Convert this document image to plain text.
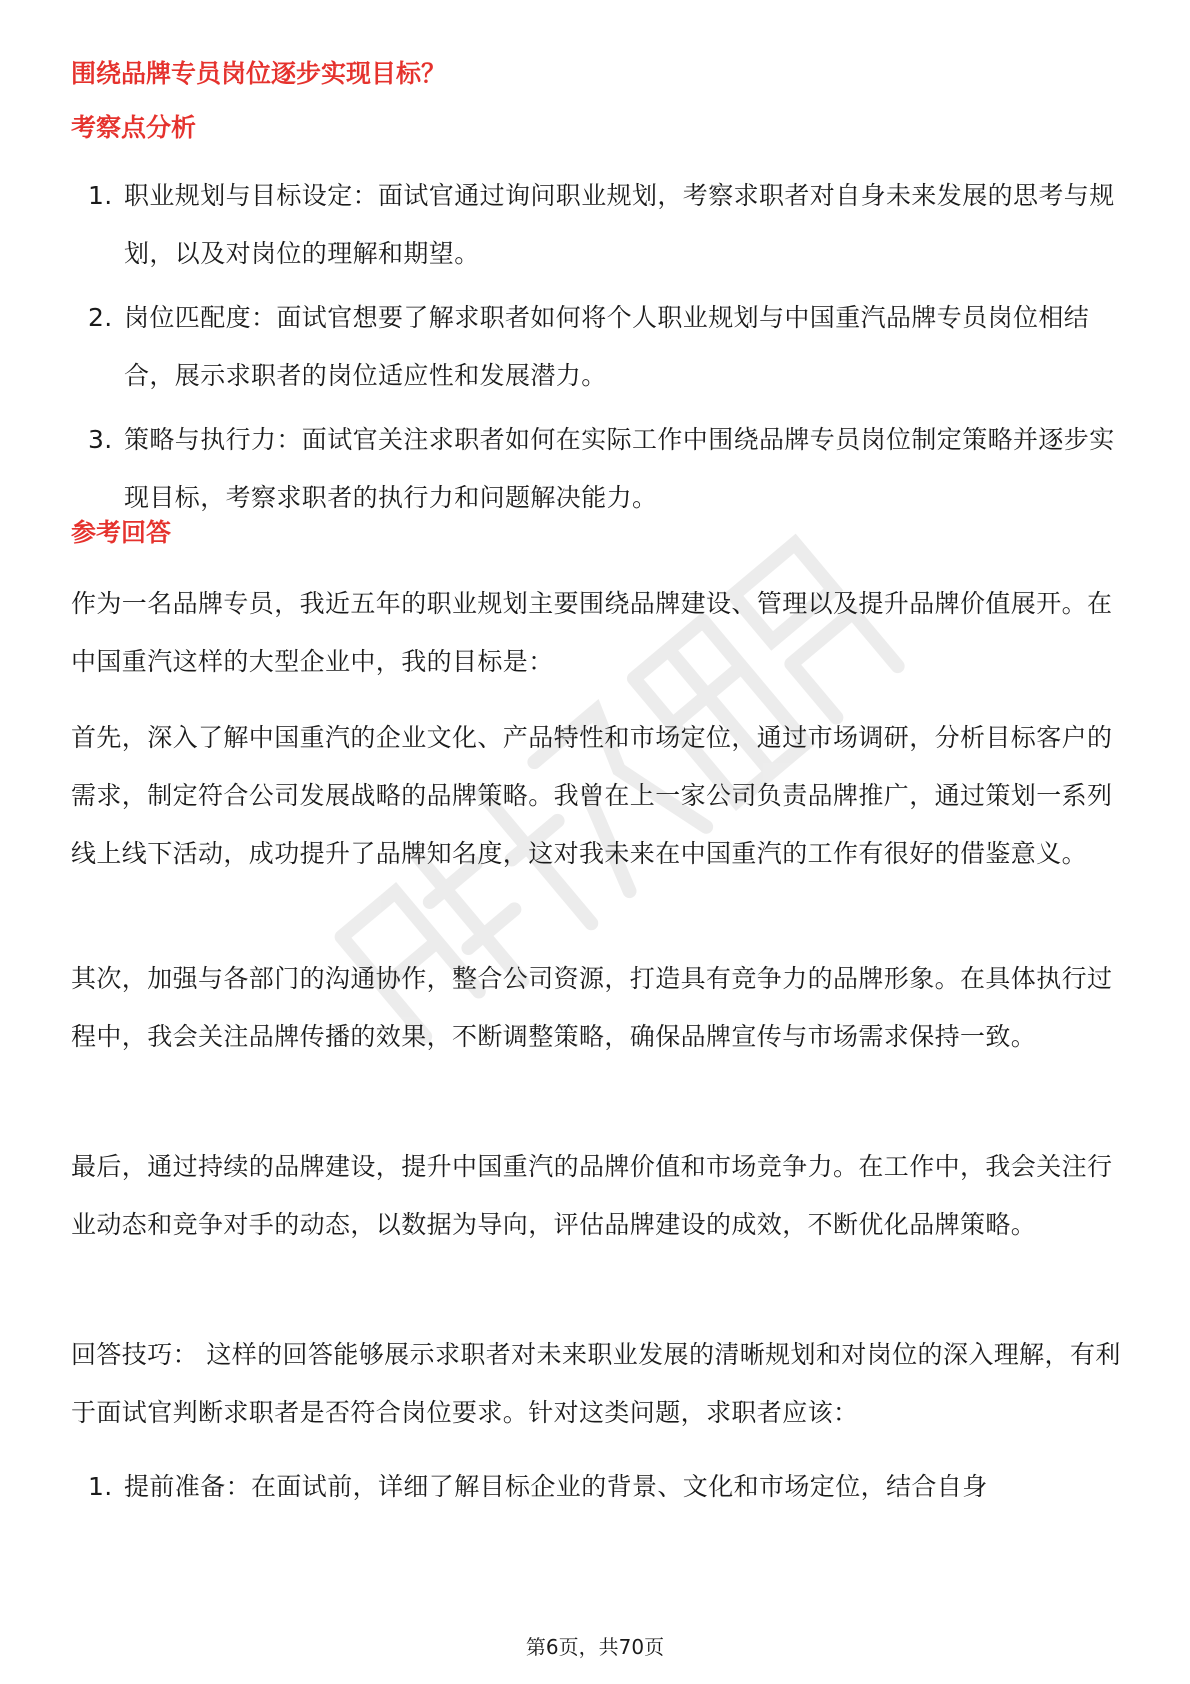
围绕品牌专员岗位逐步实现目标？
考察点分析
1. 职业规划与目标设定：面试官通过询问职业规划，考察求职者对自身未来发展的思考与规划，以及对岗位的理解和期望。
2. 岗位匹配度：面试官想要了解求职者如何将个人职业规划与中国重汽品牌专员岗位相结合，展示求职者的岗位适应性和发展潜力。
3. 策略与执行力：面试官关注求职者如何在实际工作中围绕品牌专员岗位制定策略并逐步实现目标，考察求职者的执行力和问题解决能力。
参考回答
作为一名品牌专员，我近五年的职业规划主要围绕品牌建设、管理以及提升品牌价值展开。在中国重汽这样的大型企业中，我的目标是：
首先，深入了解中国重汽的企业文化、产品特性和市场定位，通过市场调研，分析目标客户的需求，制定符合公司发展战略的品牌策略。我曾在上一家公司负责品牌推广，通过策划一系列线上线下活动，成功提升了品牌知名度，这对我未来在中国重汽的工作有很好的借鉴意义。
其次，加强与各部门的沟通协作，整合公司资源，打造具有竞争力的品牌形象。在具体执行过程中，我会关注品牌传播的效果，不断调整策略，确保品牌宣传与市场需求保持一致。
最后，通过持续的品牌建设，提升中国重汽的品牌价值和市场竞争力。在工作中，我会关注行业动态和竞争对手的动态，以数据为导向，评估品牌建设的成效，不断优化品牌策略。
回答技巧： 这样的回答能够展示求职者对未来职业发展的清晰规划和对岗位的深入理解，有利于面试官判断求职者是否符合岗位要求。针对这类问题，求职者应该：
1. 提前准备：在面试前，详细了解目标企业的背景、文化和市场定位，结合自身
第6页，共70页
